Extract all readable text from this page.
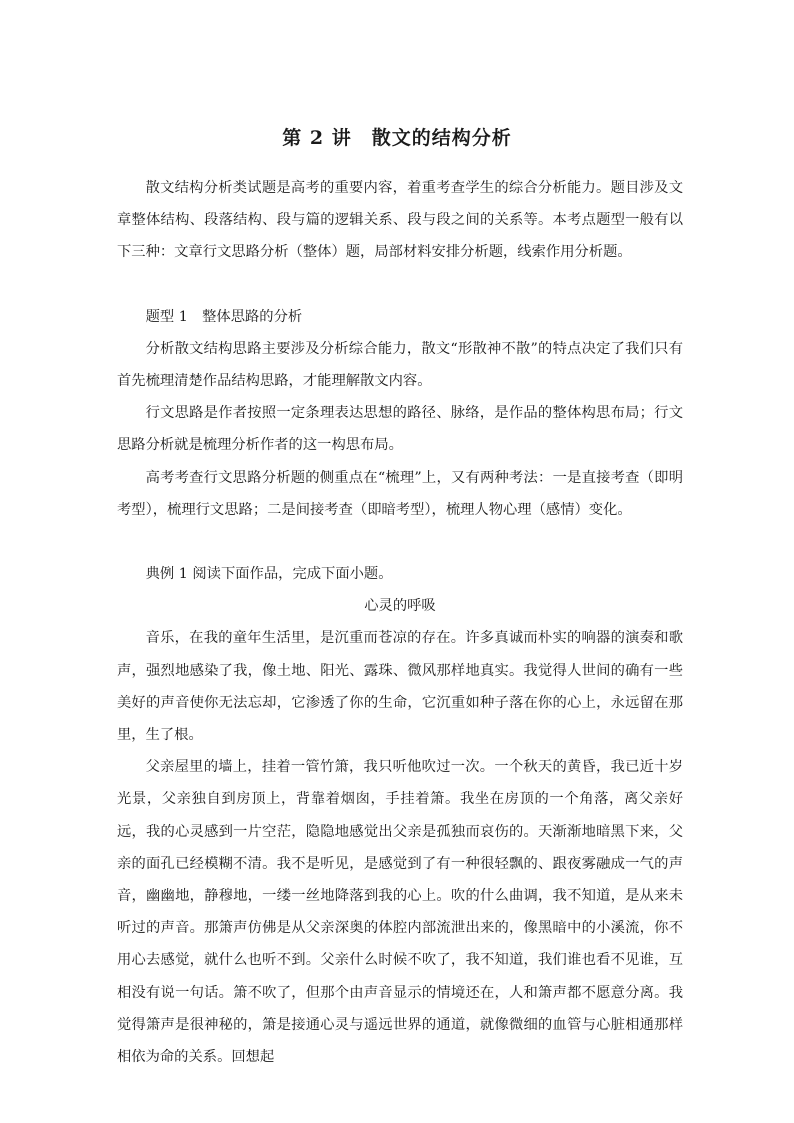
第 2 讲　散文的结构分析

散文结构分析类试题是高考的重要内容，着重考查学生的综合分析能力。题目涉及文章整体结构、段落结构、段与篇的逻辑关系、段与段之间的关系等。本考点题型一般有以下三种：文章行文思路分析（整体）题，局部材料安排分析题，线索作用分析题。

题型 1　整体思路的分析

分析散文结构思路主要涉及分析综合能力，散文“形散神不散”的特点决定了我们只有首先梳理清楚作品结构思路，才能理解散文内容。

行文思路是作者按照一定条理表达思想的路径、脉络，是作品的整体构思布局；行文思路分析就是梳理分析作者的这一构思布局。

高考考查行文思路分析题的侧重点在“梳理”上，又有两种考法：一是直接考查（即明考型），梳理行文思路；二是间接考查（即暗考型），梳理人物心理（感情）变化。

典例 1 阅读下面作品，完成下面小题。

心灵的呼吸

音乐，在我的童年生活里，是沉重而苍凉的存在。许多真诚而朴实的响器的演奏和歌声，强烈地感染了我，像土地、阳光、露珠、微风那样地真实。我觉得人世间的确有一些美好的声音使你无法忘却，它渗透了你的生命，它沉重如种子落在你的心上，永远留在那里，生了根。

父亲屋里的墙上，挂着一管竹箫，我只听他吹过一次。一个秋天的黄昏，我已近十岁光景，父亲独自到房顶上，背靠着烟囱，手挂着箫。我坐在房顶的一个角落，离父亲好远，我的心灵感到一片空茫，隐隐地感觉出父亲是孤独而哀伤的。天渐渐地暗黑下来，父亲的面孔已经模糊不清。我不是听见，是感觉到了有一种很轻飘的、跟夜雾融成一气的声音，幽幽地，静穆地，一缕一丝地降落到我的心上。吹的什么曲调，我不知道，是从来未听过的声音。那箫声仿佛是从父亲深奥的体腔内部流泄出来的，像黑暗中的小溪流，你不用心去感觉，就什么也听不到。父亲什么时候不吹了，我不知道，我们谁也看不见谁，互相没有说一句话。箫不吹了，但那个由声音显示的情境还在，人和箫声都不愿意分离。我觉得箫声是很神秘的，箫是接通心灵与遥远世界的通道，就像微细的血管与心脏相通那样相依为命的关系。回想起
